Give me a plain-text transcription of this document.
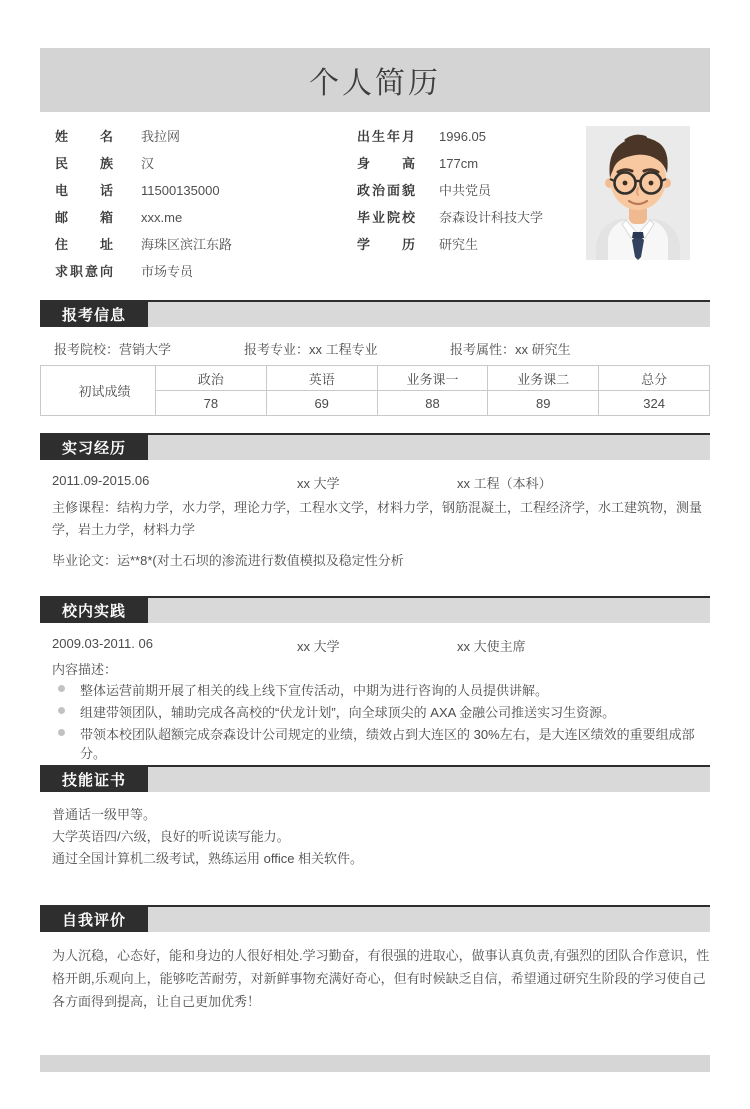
个人简历
姓名 我拉网
民族 汉
电话 11500135000
邮箱 xxx.me
住址 海珠区滨江东路
求职意向 市场专员
出生年月 1996.05
身高 177cm
政治面貌 中共党员
毕业院校 奈森设计科技大学
学历 研究生
报考信息
报考院校： 营销大学	报考专业： xx 工程专业	报考属性： xx 研究生
初试成绩	政治	英语	业务课一	业务课二	总分
	78	69	88	89	324
实习经历
2011.09-2015.06	xx 大学	xx 工程（本科）
主修课程：结构力学，水力学，理论力学，工程水文学，材料力学，钢筋混凝土，工程经济学，水工建筑物，测量学，岩土力学，材料力学
毕业论文：运**8*(对土石坝的渗流进行数值模拟及稳定性分析
校内实践
2009.03-2011. 06	xx 大学	xx 大使主席
内容描述：
整体运营前期开展了相关的线上线下宣传活动，中期为进行咨询的人员提供讲解。
组建带领团队，辅助完成各高校的“伏龙计划”，向全球顶尖的 AXA 金融公司推送实习生资源。
带领本校团队超额完成奈森设计公司规定的业绩，绩效占到大连区的 30%左右，是大连区绩效的重要组成部分。
技能证书
普通话一级甲等。
大学英语四/六级，良好的听说读写能力。
通过全国计算机二级考试，熟练运用 office 相关软件。
自我评价
为人沉稳，心态好，能和身边的人很好相处.学习勤奋，有很强的进取心，做事认真负责,有强烈的团队合作意识，性格开朗,乐观向上，能够吃苦耐劳，对新鲜事物充满好奇心，但有时候缺乏自信，希望通过研究生阶段的学习使自己各方面得到提高，让自己更加优秀！
